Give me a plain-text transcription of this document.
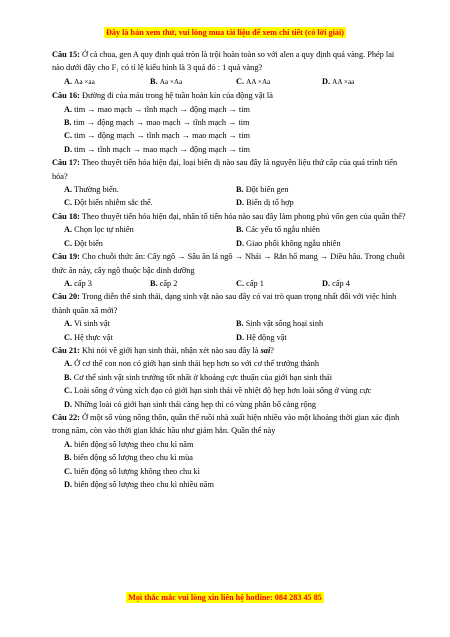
Đây là bản xem thử, vui lòng mua tài liệu để xem chi tiết (có lời giải)

Câu 15: Ở cà chua, gen A quy định quả tròn là trội hoàn toàn so với alen a quy định quả vàng. Phép lai nào dưới đây cho F₁ có tỉ lệ kiểu hình là 3 quả đỏ : 1 quả vàng?

A. Aa ×aa	B. Aa ×Aa	C. AA ×Aa	D. AA ×aa

Câu 16: Đường đi của máu trong hệ tuần hoàn kín của động vật là

A. tim → mao mạch → tĩnh mạch → động mạch → tim
B. tim → động mạch → mao mạch → tĩnh mạch → tim
C. tim → động mạch → tĩnh mạch → mao mạch → tim
D. tim → tĩnh mạch → mao mạch → động mạch → tim

Câu 17: Theo thuyết tiến hóa hiện đại, loại biến dị nào sau đây là nguyên liệu thứ cấp của quá trình tiến hóa?

A. Thường biến.	B. Đột biến gen
C. Đột biến nhiễm sắc thể.	D. Biến dị tổ hợp

Câu 18: Theo thuyết tiến hóa hiện đại, nhân tố tiến hóa nào sau đây làm phong phú vốn gen của quần thể?

A. Chọn lọc tự nhiên	B. Các yếu tố ngẫu nhiên
C. Đột biến	D. Giao phối không ngẫu nhiên

Câu 19: Cho chuỗi thức ăn: Cây ngô → Sâu ăn lá ngô → Nhái → Rắn hổ mang → Diều hâu. Trong chuỗi thức ăn này, cây ngô thuộc bậc dinh dưỡng

A. cấp 3	B. cấp 2	C. cấp 1	D. cấp 4

Câu 20: Trong diễn thế sinh thái, dạng sinh vật nào sau đây có vai trò quan trọng nhất đối với việc hình thành quần xã mới?

A. Vi sinh vật	B. Sinh vật sống hoại sinh
C. Hệ thực vật	D. Hệ động vật

Câu 21: Khi nói về giới hạn sinh thái, nhận xét nào sau đây là sai?

A. Ở cơ thể con non có giới hạn sinh thái hẹp hơn so với cơ thể trưởng thành
B. Cơ thể sinh vật sinh trưởng tốt nhất ở khoảng cực thuận của giới hạn sinh thái
C. Loài sống ở vùng xích đạo có giới hạn sinh thái về nhiệt độ hẹp hơn loài sống ở vùng cực
D. Những loài có giới hạn sinh thái càng hẹp thì có vùng phân bố càng rộng

Câu 22: Ở một số vùng nông thôn, quần thể ruồi nhà xuất hiện nhiều vào một khoảng thời gian xác định trong năm, còn vào thời gian khác hầu như giảm hẳn. Quần thể này

A. biến động số lượng theo chu kì năm
B. biến động số lượng theo chu kì mùa
C. biến động số lượng không theo chu kì
D. biến động số lượng theo chu kì nhiều năm
Mọi thắc mắc vui lòng xin liên hệ hotline: 084 283 45 85
